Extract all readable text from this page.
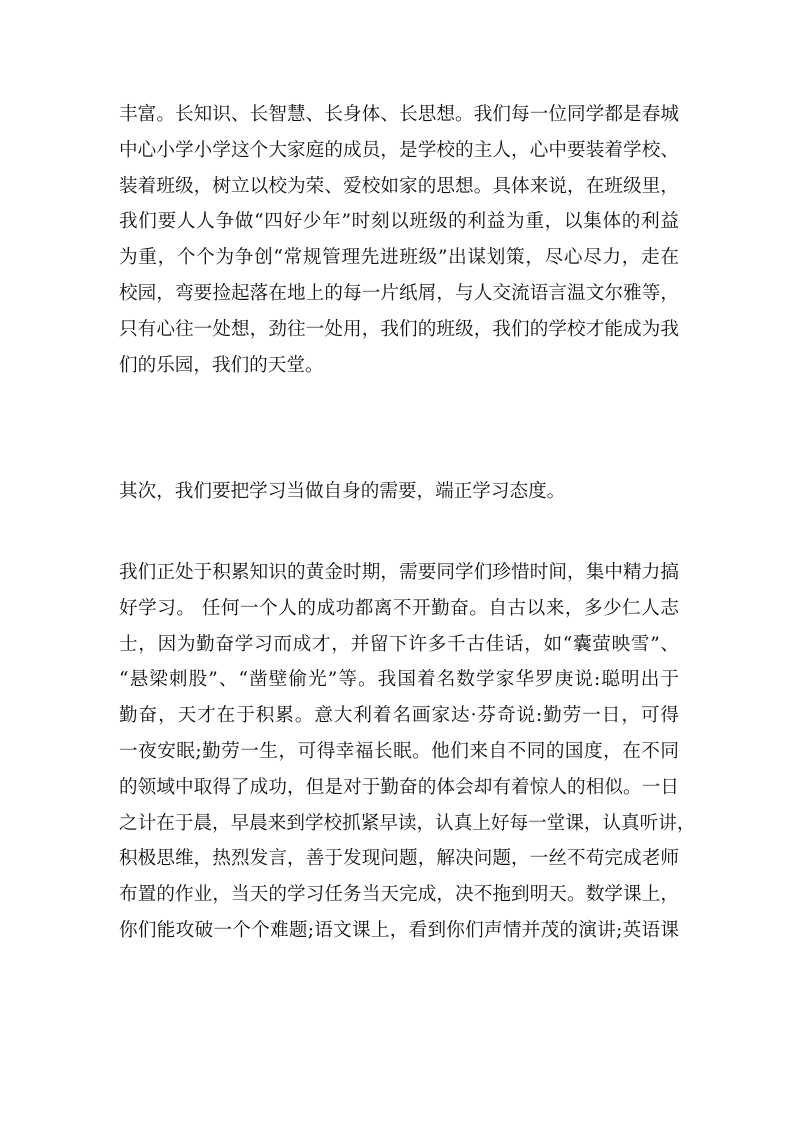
丰富。长知识、长智慧、长身体、长思想。我们每一位同学都是春城
中心小学小学这个大家庭的成员，是学校的主人，心中要装着学校、
装着班级，树立以校为荣、爱校如家的思想。具体来说，在班级里，
我们要人人争做“四好少年”时刻以班级的利益为重，以集体的利益
为重，个个为争创“常规管理先进班级”出谋划策，尽心尽力，走在
校园，弯要捡起落在地上的每一片纸屑，与人交流语言温文尔雅等，
只有心往一处想，劲往一处用，我们的班级，我们的学校才能成为我
们的乐园，我们的天堂。
其次，我们要把学习当做自身的需要，端正学习态度。
我们正处于积累知识的黄金时期，需要同学们珍惜时间，集中精力搞
好学习。 任何一个人的成功都离不开勤奋。自古以来，多少仁人志
士，因为勤奋学习而成才，并留下许多千古佳话，如“囊萤映雪”、
“悬梁刺股”、“凿壁偷光”等。我国着名数学家华罗庚说:聪明出于
勤奋，天才在于积累。意大利着名画家达·芬奇说:勤劳一日，可得
一夜安眠;勤劳一生，可得幸福长眠。他们来自不同的国度，在不同
的领域中取得了成功，但是对于勤奋的体会却有着惊人的相似。一日
之计在于晨，早晨来到学校抓紧早读，认真上好每一堂课，认真听讲，
积极思维，热烈发言，善于发现问题，解决问题，一丝不苟完成老师
布置的作业，当天的学习任务当天完成，决不拖到明天。数学课上，
你们能攻破一个个难题;语文课上，看到你们声情并茂的演讲;英语课
